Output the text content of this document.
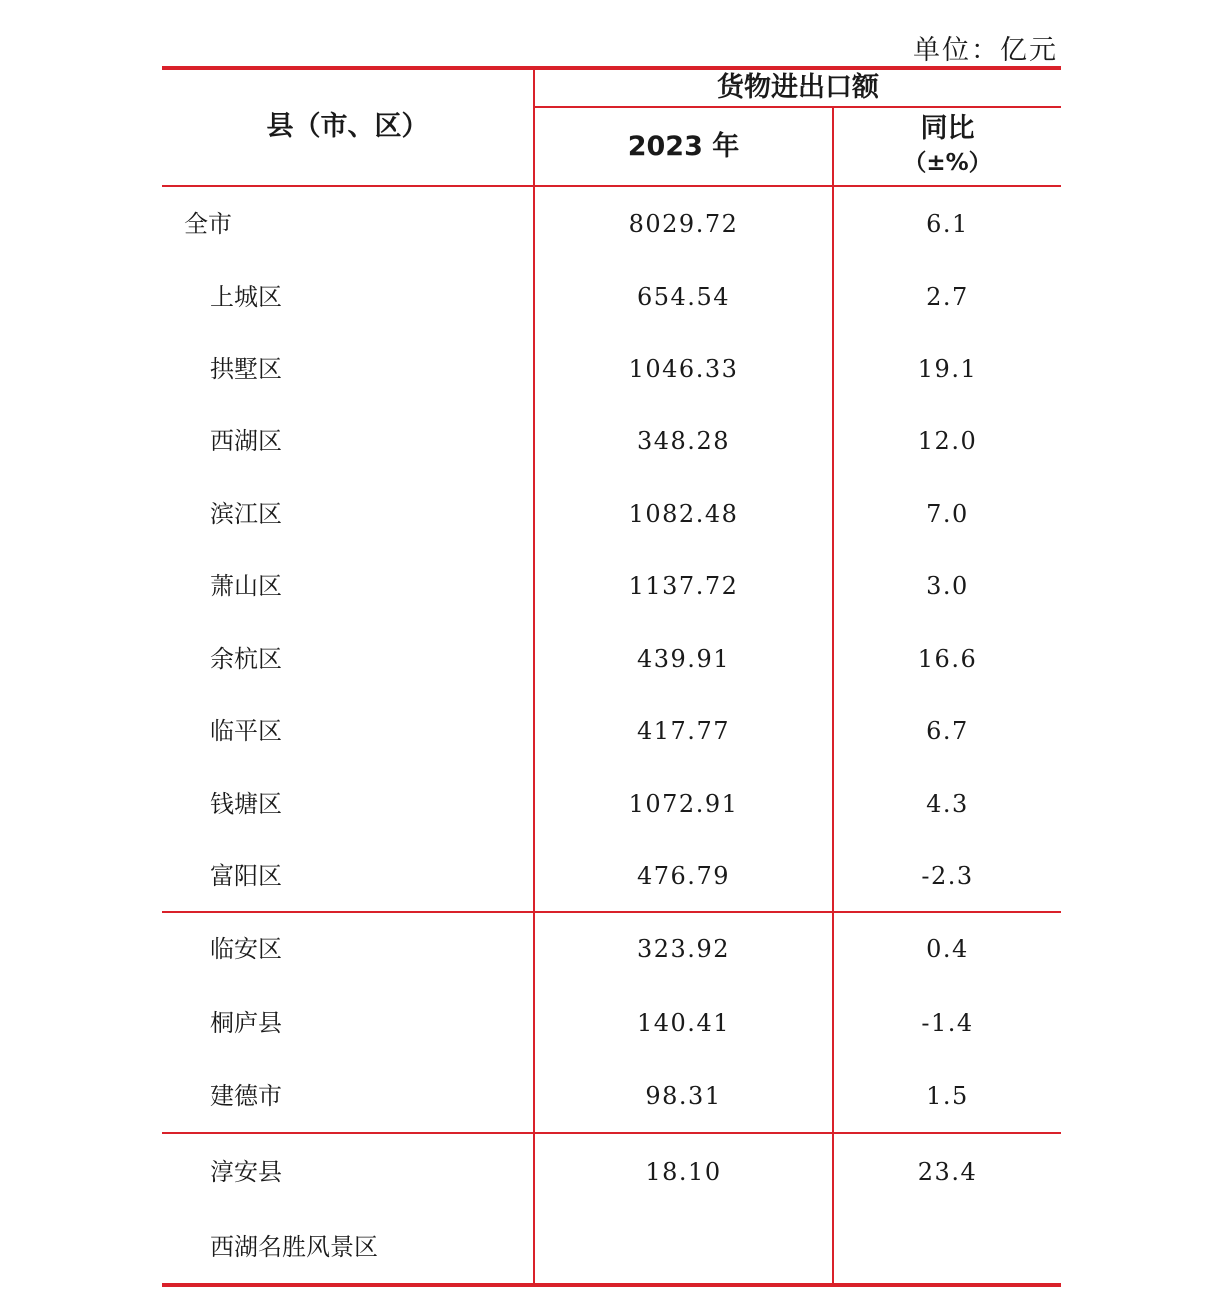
单位：亿元
县（市、区）
货物进出口额
2023 年
同比
（±%）
全市	8029.72	6.1
上城区	654.54	2.7
拱墅区	1046.33	19.1
西湖区	348.28	12.0
滨江区	1082.48	7.0
萧山区	1137.72	3.0
余杭区	439.91	16.6
临平区	417.77	6.7
钱塘区	1072.91	4.3
富阳区	476.79	-2.3
临安区	323.92	0.4
桐庐县	140.41	-1.4
建德市	98.31	1.5
淳安县	18.10	23.4
西湖名胜风景区
